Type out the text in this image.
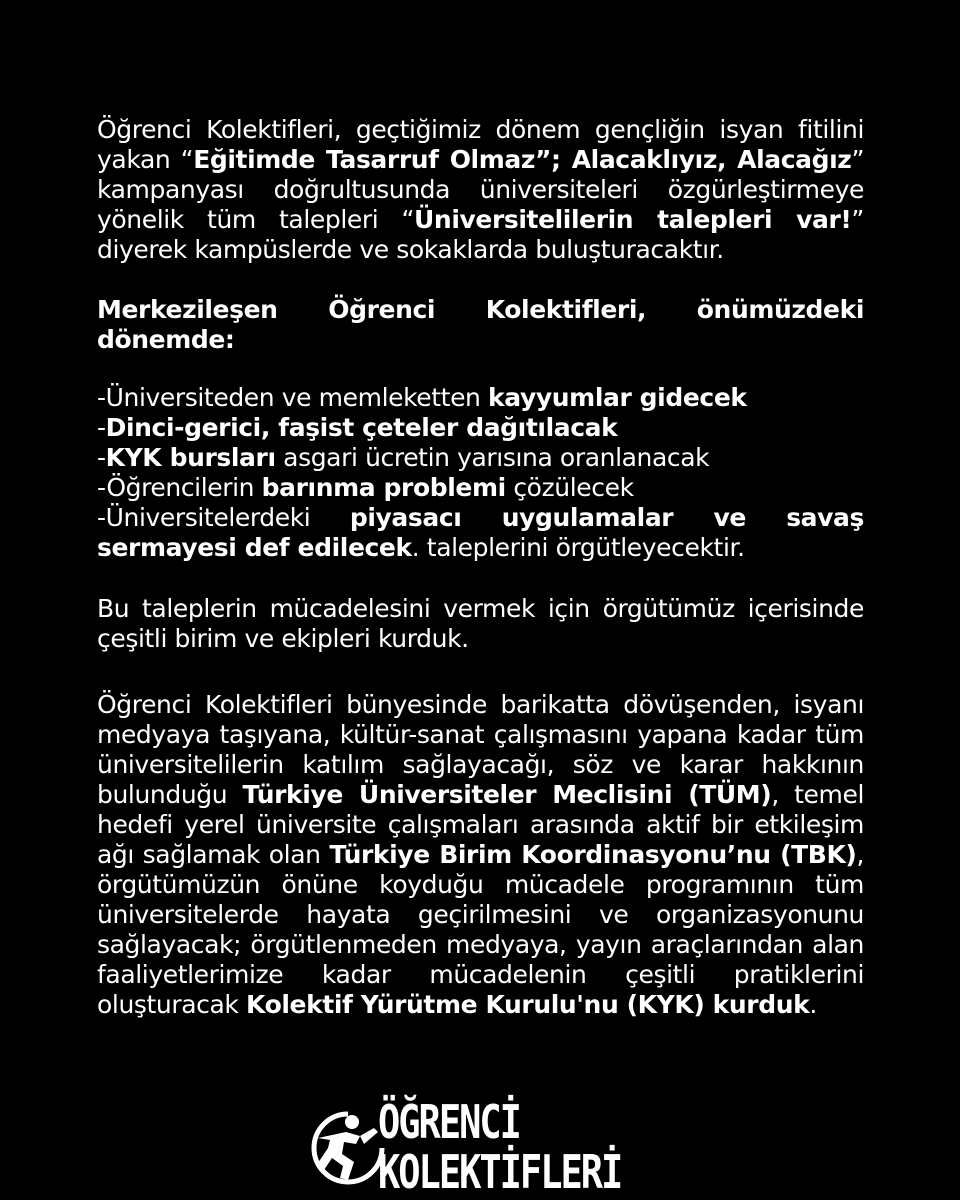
Öğrenci Kolektifleri, geçtiğimiz dönem gençliğin isyan fitilini yakan “Eğitimde Tasarruf Olmaz”; Alacaklıyız, Alacağız” kampanyası doğrultusunda üniversiteleri özgürleştirmeye yönelik tüm talepleri “Üniversitelilerin talepleri var!” diyerek kampüslerde ve sokaklarda buluşturacaktır.

Merkezileşen Öğrenci Kolektifleri, önümüzdeki dönemde:

-Üniversiteden ve memleketten kayyumlar gidecek

-Dinci-gerici, faşist çeteler dağıtılacak

-KYK bursları asgari ücretin yarısına oranlanacak

-Öğrencilerin barınma problemi çözülecek

-Üniversitelerdeki piyasacı uygulamalar ve savaş sermayesi def edilecek. taleplerini örgütleyecektir.

Bu taleplerin mücadelesini vermek için örgütümüz içerisinde çeşitli birim ve ekipleri kurduk.

Öğrenci Kolektifleri bünyesinde barikatta dövüşenden, isyanı medyaya taşıyana, kültür-sanat çalışmasını yapana kadar tüm üniversitelilerin katılım sağlayacağı, söz ve karar hakkının bulunduğu Türkiye Üniversiteler Meclisini (TÜM), temel hedefi yerel üniversite çalışmaları arasında aktif bir etkileşim ağı sağlamak olan Türkiye Birim Koordinasyonu’nu (TBK), örgütümüzün önüne koyduğu mücadele programının tüm üniversitelerde hayata geçirilmesini ve organizasyonunu sağlayacak; örgütlenmeden medyaya, yayın araçlarından alan faaliyetlerimize kadar mücadelenin çeşitli pratiklerini oluşturacak Kolektif Yürütme Kurulu'nu (KYK) kurduk.

ÖĞRENCİ KOLEKTİFLERİ
